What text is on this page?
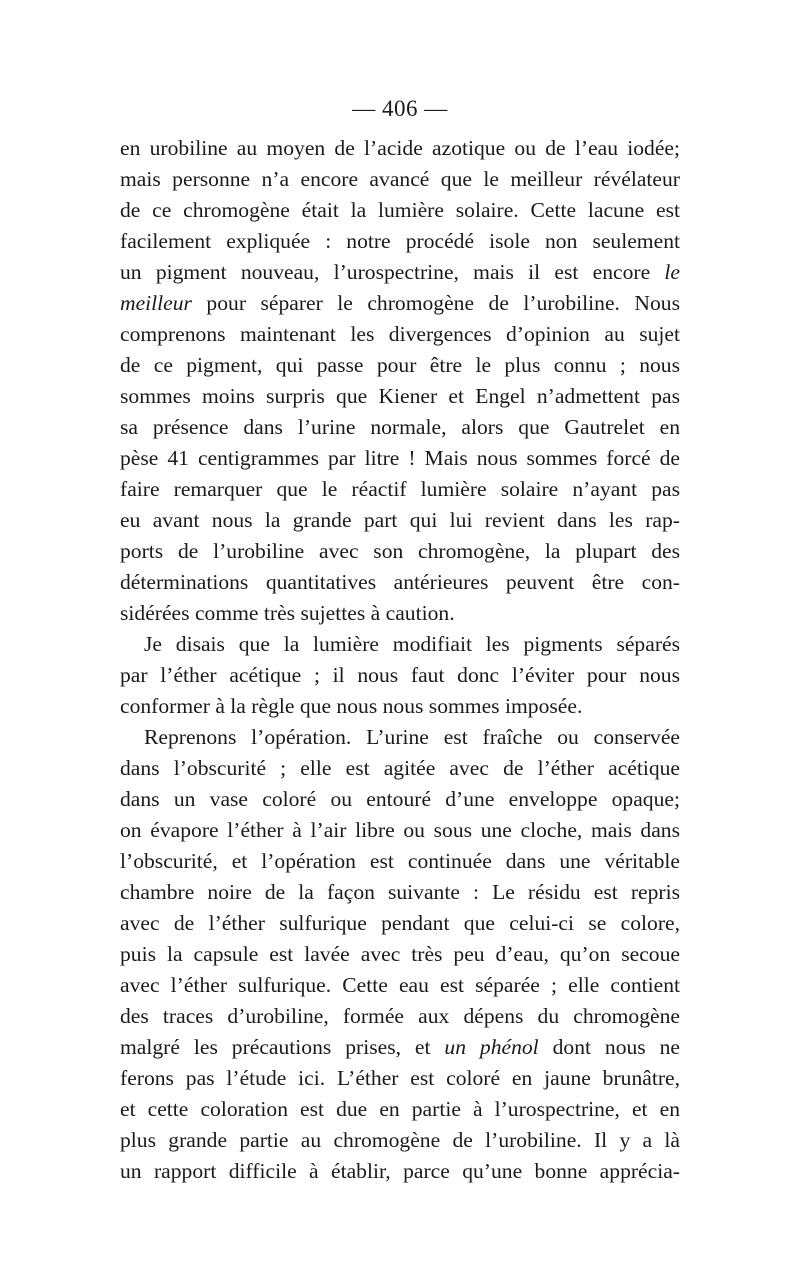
— 406 —
en urobiline au moyen de l’acide azotique ou de l’eau iodée;
mais personne n’a encore avancé que le meilleur révélateur
de ce chromogène était la lumière solaire. Cette lacune est
facilement expliquée : notre procédé isole non seulement
un pigment nouveau, l’urospectrine, mais il est encore le
meilleur pour séparer le chromogène de l’urobiline. Nous
comprenons maintenant les divergences d’opinion au sujet
de ce pigment, qui passe pour être le plus connu ; nous
sommes moins surpris que Kiener et Engel n’admettent pas
sa présence dans l’urine normale, alors que Gautrelet en
pèse 41 centigrammes par litre ! Mais nous sommes forcé de
faire remarquer que le réactif lumière solaire n’ayant pas
eu avant nous la grande part qui lui revient dans les rap-
ports de l’urobiline avec son chromogène, la plupart des
déterminations quantitatives antérieures peuvent être con-
sidérées comme très sujettes à caution.
Je disais que la lumière modifiait les pigments séparés
par l’éther acétique ; il nous faut donc l’éviter pour nous
conformer à la règle que nous nous sommes imposée.
Reprenons l’opération. L’urine est fraîche ou conservée
dans l’obscurité ; elle est agitée avec de l’éther acétique
dans un vase coloré ou entouré d’une enveloppe opaque;
on évapore l’éther à l’air libre ou sous une cloche, mais dans
l’obscurité, et l’opération est continuée dans une véritable
chambre noire de la façon suivante : Le résidu est repris
avec de l’éther sulfurique pendant que celui-ci se colore,
puis la capsule est lavée avec très peu d’eau, qu’on secoue
avec l’éther sulfurique. Cette eau est séparée ; elle contient
des traces d’urobiline, formée aux dépens du chromogène
malgré les précautions prises, et un phénol dont nous ne
ferons pas l’étude ici. L’éther est coloré en jaune brunâtre,
et cette coloration est due en partie à l’urospectrine, et en
plus grande partie au chromogène de l’urobiline. Il y a là
un rapport difficile à établir, parce qu’une bonne apprécia-
